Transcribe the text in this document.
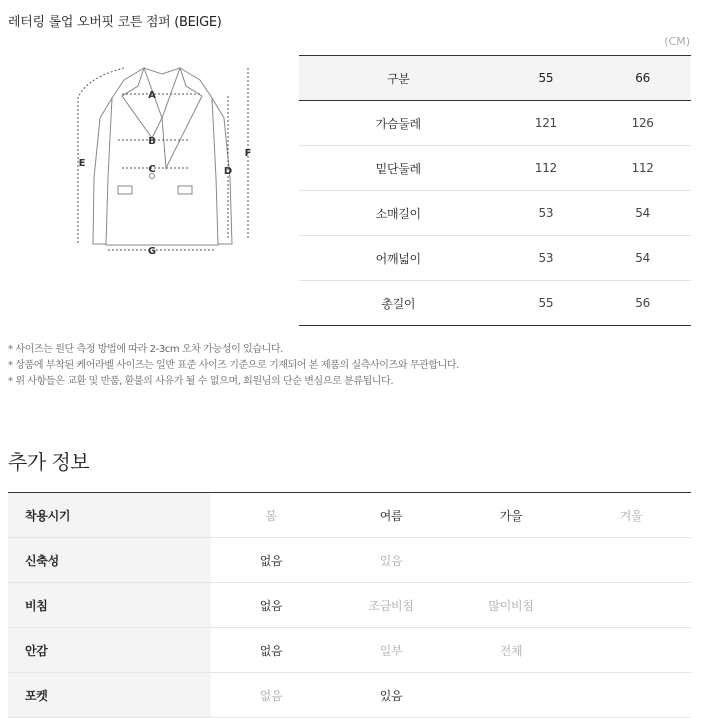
레터링 롤업 오버핏 코튼 점퍼 (BEIGE)
(CM)
A
B
C	D
E
F
G
구분	55	66
가슴둘레	121	126
밑단둘레	112	112
소매길이	53	54
어깨넓이	53	54
총길이	55	56
* 사이즈는 원단 측정 방법에 따라 2-3cm 오차 가능성이 있습니다.
* 상품에 부착된 케어라벨 사이즈는 일반 표준 사이즈 기준으로 기재되어 본 제품의 실측사이즈와 무관합니다.
* 위 사항들은 교환 및 반품, 환불의 사유가 될 수 없으며, 회원님의 단순 변심으로 분류됩니다.
추가 정보
착용시기	봄	여름	가을	겨울	
신축성	없음	있음			
비침	없음	조금비침	많이비침		
안감	없음	일부	전체		
포켓	없음	있음			
